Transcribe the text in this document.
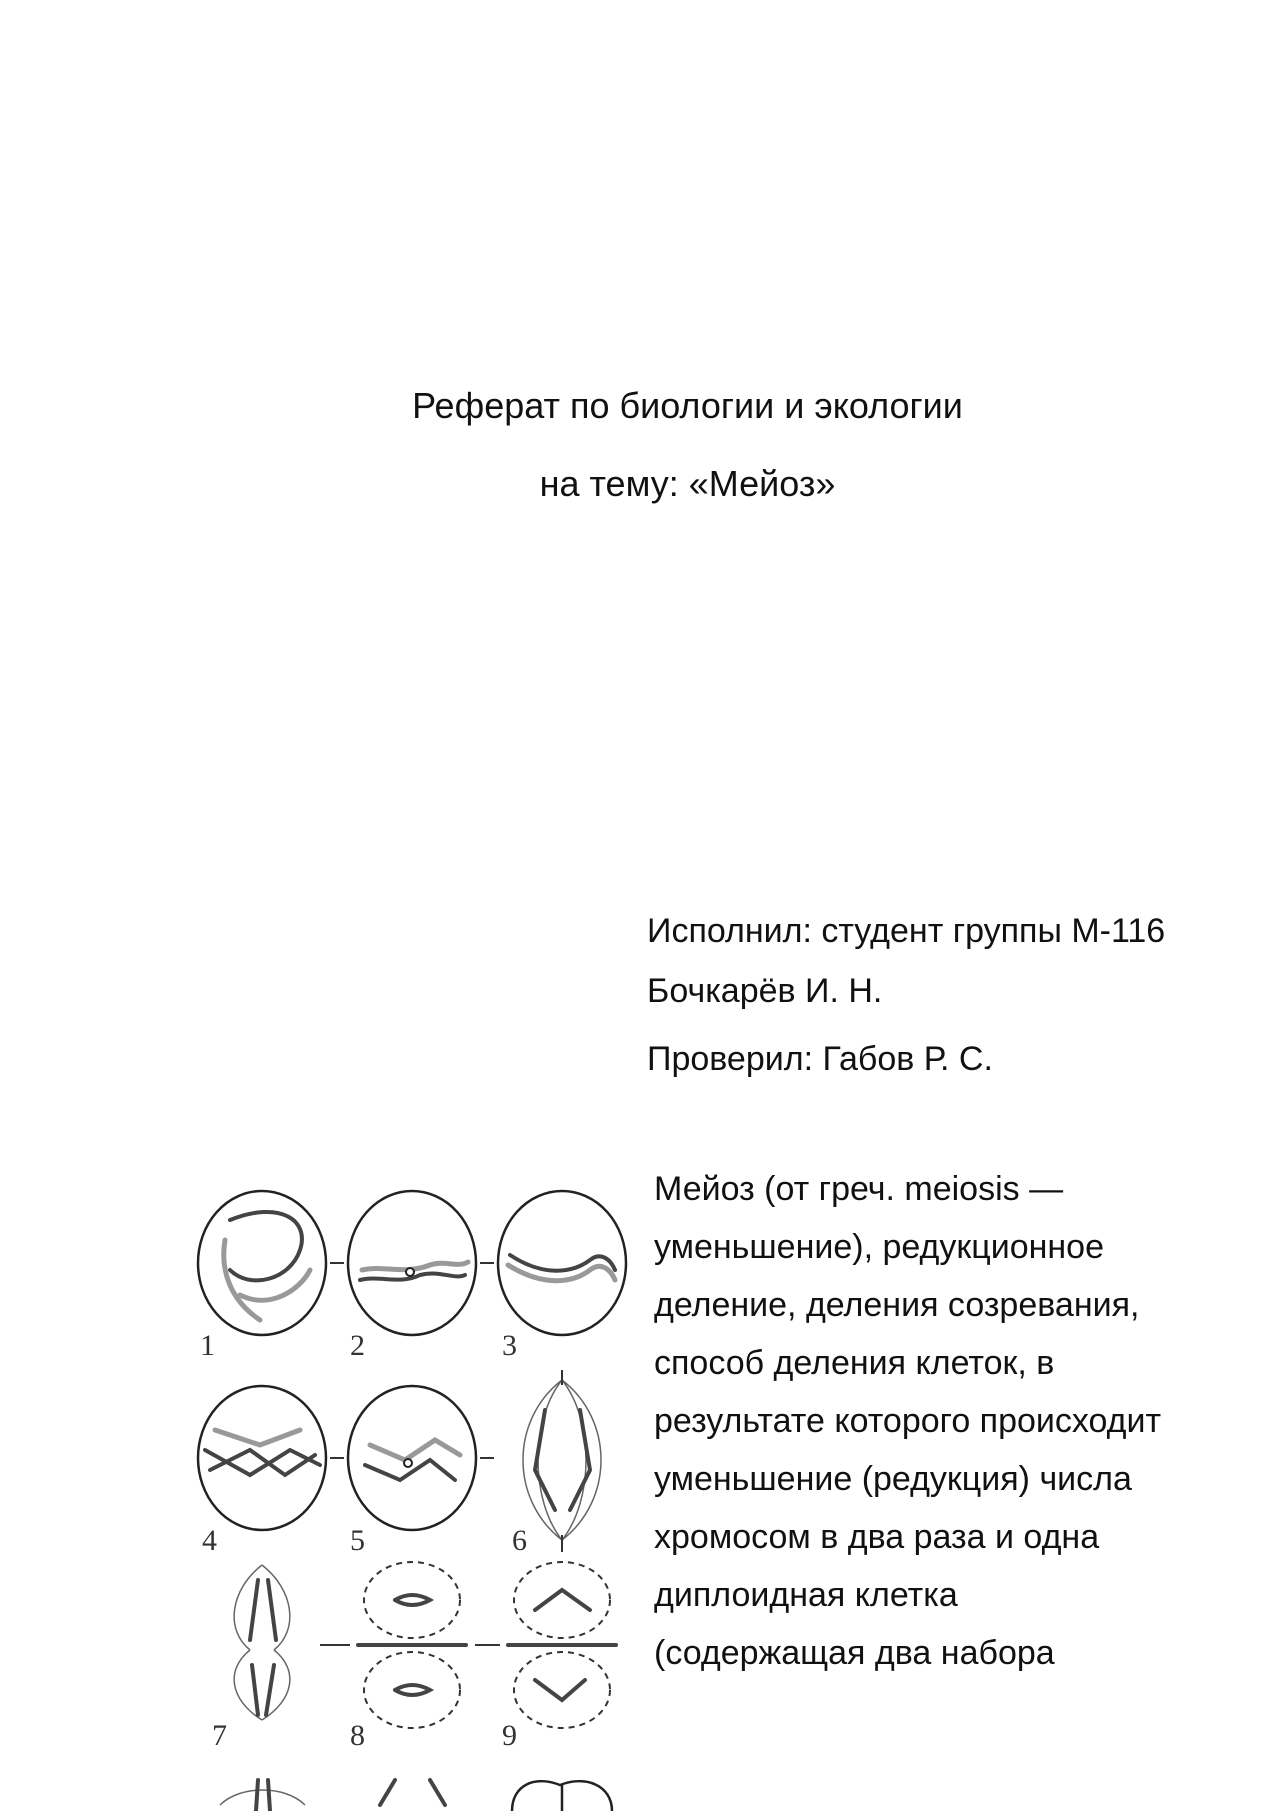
Реферат по биологии и экологии
на тему: «Мейоз»
Исполнил: студент группы М-116
Бочкарёв И. Н.
Проверил: Габов Р. С.
Мейоз (от греч. meiosis —
уменьшение), редукционное
деление, деления созревания,
способ деления клеток, в
результате которого происходит
уменьшение (редукция) числа
хромосом в два раза и одна
диплоидная клетка
(содержащая два набора
1	2	3
4	5	6
7	8	9
